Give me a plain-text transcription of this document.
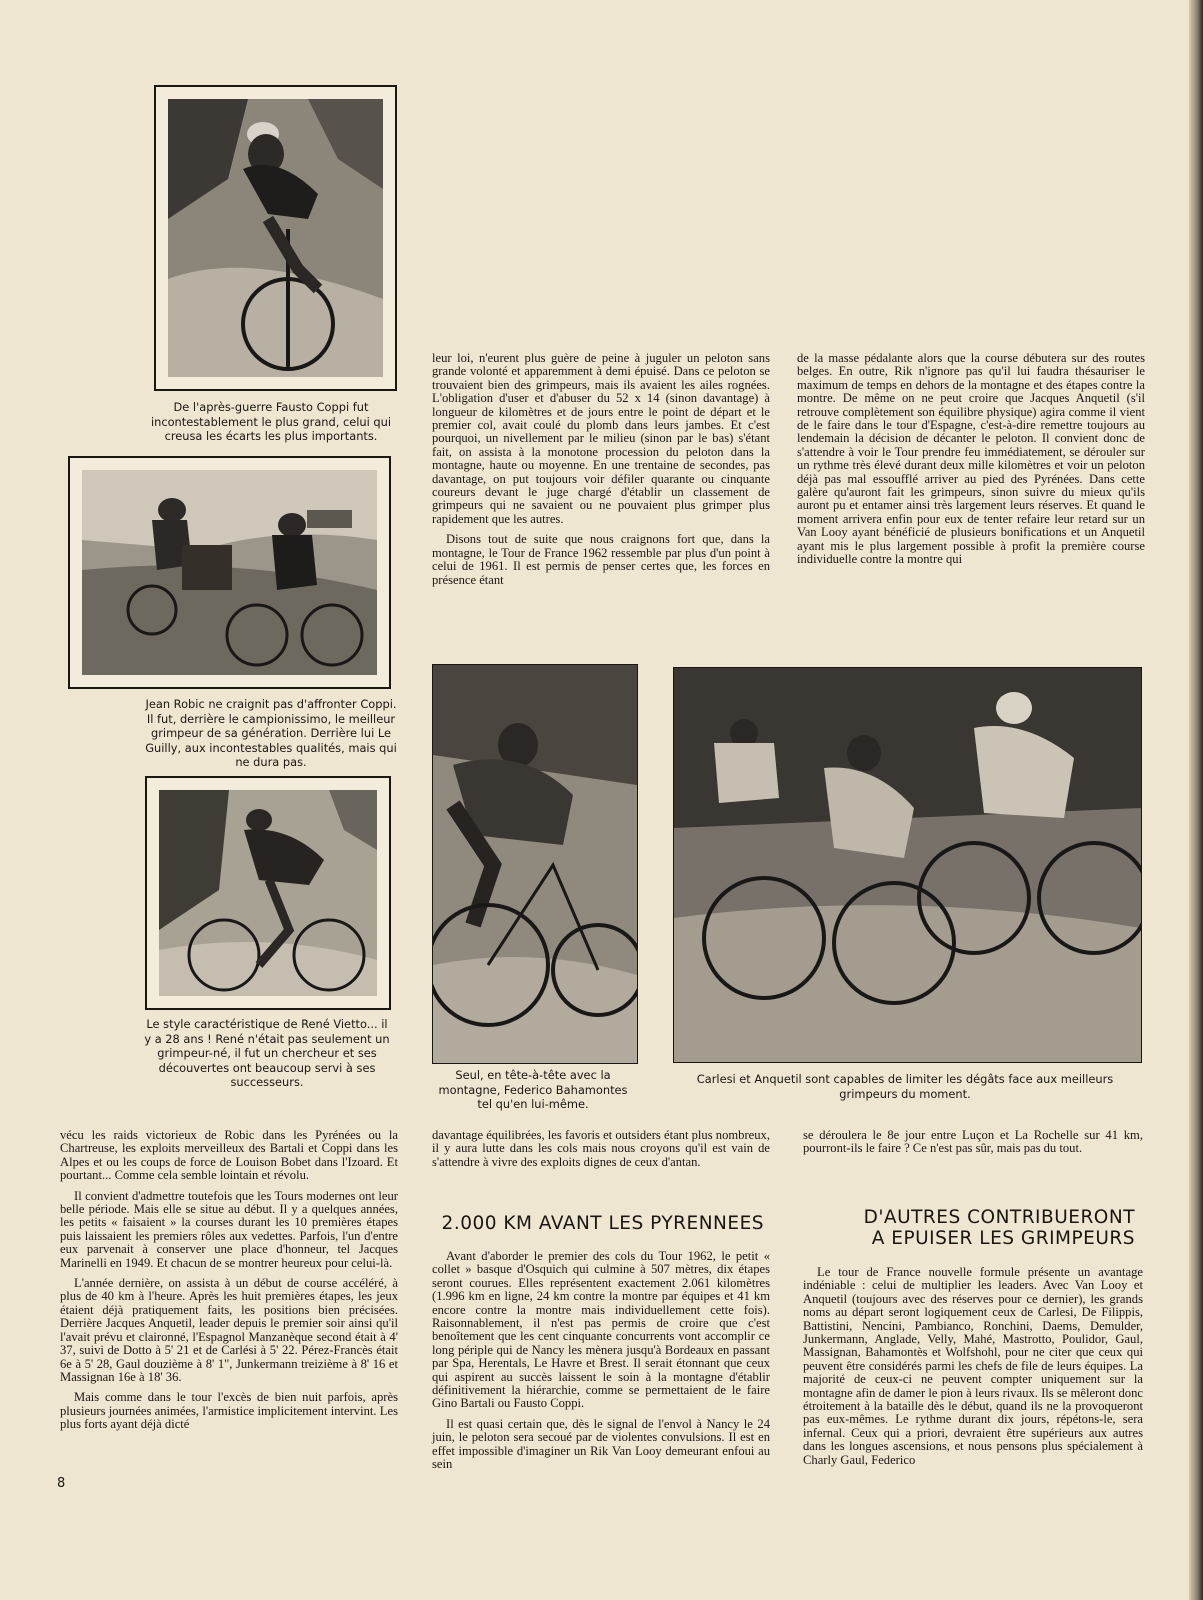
De l'après-guerre Fausto Coppi fut incontestablement le plus grand, celui qui creusa les écarts les plus importants.
Jean Robic ne craignit pas d'affronter Coppi. Il fut, derrière le campionissimo, le meilleur grimpeur de sa génération. Derrière lui Le Guilly, aux incontestables qualités, mais qui ne dura pas.
Le style caractéristique de René Vietto... il y a 28 ans ! René n'était pas seulement un grimpeur-né, il fut un chercheur et ses découvertes ont beaucoup servi à ses successeurs.

leur loi, n'eurent plus guère de peine à juguler un peloton sans grande volonté et apparemment à demi épuisé. Dans ce peloton se trouvaient bien des grimpeurs, mais ils avaient les ailes rognées. L'obligation d'user et d'abuser du 52 x 14 (sinon davantage) à longueur de kilomètres et de jours entre le point de départ et le premier col, avait coulé du plomb dans leurs jambes. Et c'est pourquoi, un nivellement par le milieu (sinon par le bas) s'étant fait, on assista à la monotone procession du peloton dans la montagne, haute ou moyenne. En une trentaine de secondes, pas davantage, on put toujours voir défiler quarante ou cinquante coureurs devant le juge chargé d'établir un classement de grimpeurs qui ne savaient ou ne pouvaient plus grimper plus rapidement que les autres.

Disons tout de suite que nous craignons fort que, dans la montagne, le Tour de France 1962 ressemble par plus d'un point à celui de 1961. Il est permis de penser certes que, les forces en présence étant

de la masse pédalante alors que la course débutera sur des routes belges. En outre, Rik n'ignore pas qu'il lui faudra thésauriser le maximum de temps en dehors de la montagne et des étapes contre la montre. De même on ne peut croire que Jacques Anquetil (s'il retrouve complètement son équilibre physique) agira comme il vient de le faire dans le tour d'Espagne, c'est-à-dire remettre toujours au lendemain la décision de décanter le peloton. Il convient donc de s'attendre à voir le Tour prendre feu immédiatement, se dérouler sur un rythme très élevé durant deux mille kilomètres et voir un peloton déjà pas mal essoufflé arriver au pied des Pyrénées. Dans cette galère qu'auront fait les grimpeurs, sinon suivre du mieux qu'ils auront pu et entamer ainsi très largement leurs réserves. Et quand le moment arrivera enfin pour eux de tenter refaire leur retard sur un Van Looy ayant bénéficié de plusieurs bonifications et un Anquetil ayant mis le plus largement possible à profit la première course individuelle contre la montre qui

Seul, en tête-à-tête avec la montagne, Federico Bahamontes tel qu'en lui-même.
Carlesi et Anquetil sont capables de limiter les dégâts face aux meilleurs grimpeurs du moment.

vécu les raids victorieux de Robic dans les Pyrénées ou la Chartreuse, les exploits merveilleux des Bartali et Coppi dans les Alpes et ou les coups de force de Louison Bobet dans l'Izoard. Et pourtant... Comme cela semble lointain et révolu.

Il convient d'admettre toutefois que les Tours modernes ont leur belle période. Mais elle se situe au début. Il y a quelques années, les petits « faisaient » la courses durant les 10 premières étapes puis laissaient les premiers rôles aux vedettes. Parfois, l'un d'entre eux parvenait à conserver une place d'honneur, tel Jacques Marinelli en 1949. Et chacun de se montrer heureux pour celui-là.

L'année dernière, on assista à un début de course accéléré, à plus de 40 km à l'heure. Après les huit premières étapes, les jeux étaient déjà pratiquement faits, les positions bien précisées. Derrière Jacques Anquetil, leader depuis le premier soir ainsi qu'il l'avait prévu et claironné, l'Espagnol Manzanèque second était à 4' 37, suivi de Dotto à 5' 21 et de Carlési à 5' 22. Pérez-Francès était 6e à 5' 28, Gaul douzième à 8' 1", Junkermann treizième à 8' 16 et Massignan 16e à 18' 36.

Mais comme dans le tour l'excès de bien nuit parfois, après plusieurs journées animées, l'armistice implicitement intervint. Les plus forts ayant déjà dicté

davantage équilibrées, les favoris et outsiders étant plus nombreux, il y aura lutte dans les cols mais nous croyons qu'il est vain de s'attendre à vivre des exploits dignes de ceux d'antan.

2.000 KM AVANT LES PYRENNEES

Avant d'aborder le premier des cols du Tour 1962, le petit « collet » basque d'Osquich qui culmine à 507 mètres, dix étapes seront courues. Elles représentent exactement 2.061 kilomètres (1.996 km en ligne, 24 km contre la montre par équipes et 41 km encore contre la montre mais individuellement cette fois). Raisonnablement, il n'est pas permis de croire que c'est benoîtement que les cent cinquante concurrents vont accomplir ce long périple qui de Nancy les mènera jusqu'à Bordeaux en passant par Spa, Herentals, Le Havre et Brest. Il serait étonnant que ceux qui aspirent au succès laissent le soin à la montagne d'établir définitivement la hiérarchie, comme se permettaient de le faire Gino Bartali ou Fausto Coppi.

Il est quasi certain que, dès le signal de l'envol à Nancy le 24 juin, le peloton sera secoué par de violentes convulsions. Il est en effet impossible d'imaginer un Rik Van Looy demeurant enfoui au sein

se déroulera le 8e jour entre Luçon et La Rochelle sur 41 km, pourront-ils le faire ? Ce n'est pas sûr, mais pas du tout.

D'AUTRES CONTRIBUERONT
A EPUISER LES GRIMPEURS

Le tour de France nouvelle formule présente un avantage indéniable : celui de multiplier les leaders. Avec Van Looy et Anquetil (toujours avec des réserves pour ce dernier), les grands noms au départ seront logiquement ceux de Carlesi, De Filippis, Battistini, Nencini, Pambianco, Ronchini, Daems, Demulder, Junkermann, Anglade, Velly, Mahé, Mastrotto, Poulidor, Gaul, Massignan, Bahamontès et Wolfshohl, pour ne citer que ceux qui peuvent être considérés parmi les chefs de file de leurs équipes. La majorité de ceux-ci ne peuvent compter uniquement sur la montagne afin de damer le pion à leurs rivaux. Ils se mêleront donc étroitement à la bataille dès le début, quand ils ne la provoqueront pas eux-mêmes. Le rythme durant dix jours, répétons-le, sera infernal. Ceux qui a priori, devraient être supérieurs aux autres dans les longues ascensions, et nous pensons plus spécialement à Charly Gaul, Federico

8
